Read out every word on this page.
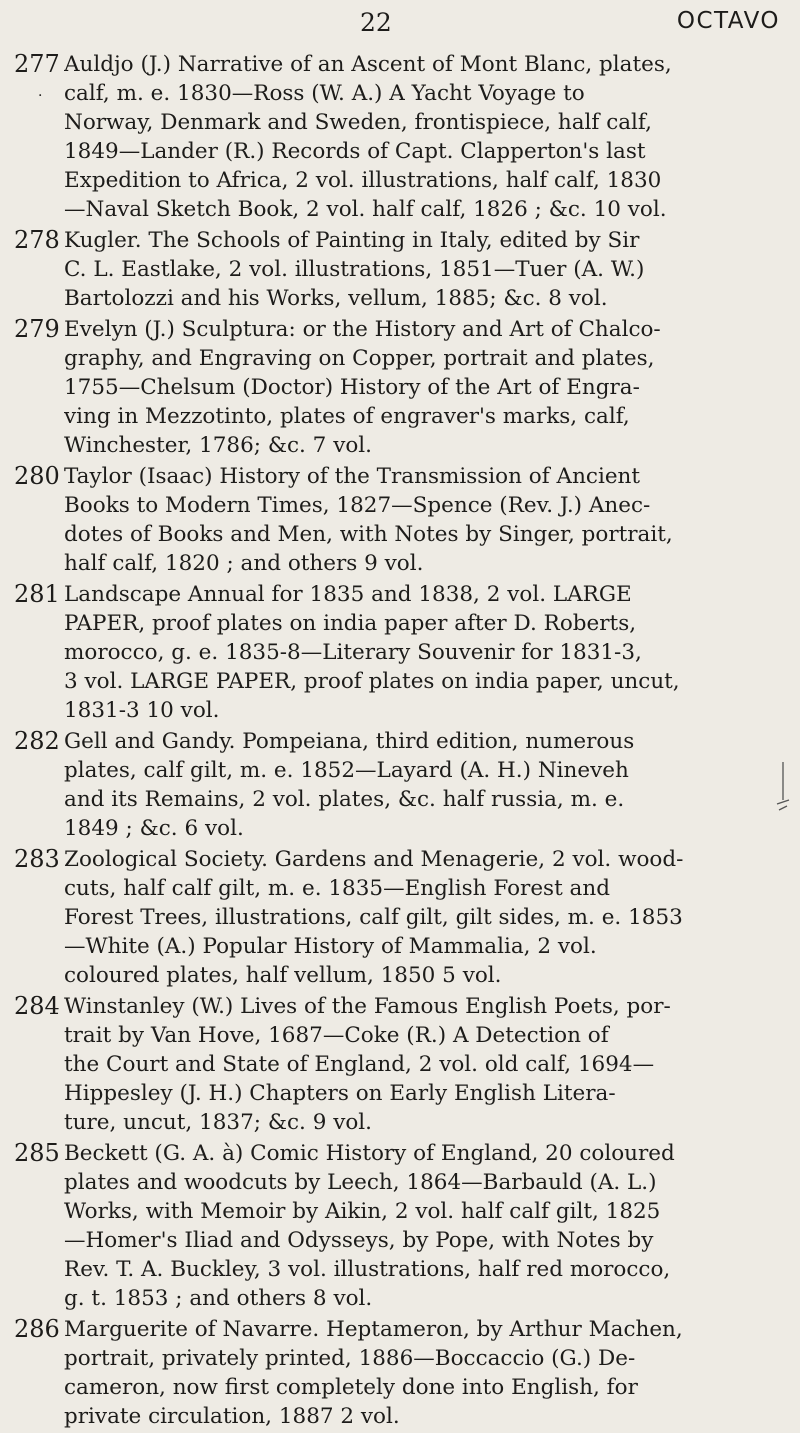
22	OCTAVO
277 Auldjo (J.) Narrative of an Ascent of Mont Blanc, plates,
calf, m. e. 1830—Ross (W. A.) A Yacht Voyage to
Norway, Denmark and Sweden, frontispiece, half calf,
1849—Lander (R.) Records of Capt. Clapperton's last
Expedition to Africa, 2 vol. illustrations, half calf, 1830
—Naval Sketch Book, 2 vol. half calf, 1826 ; &c. 10 vol.
278 Kugler. The Schools of Painting in Italy, edited by Sir
C. L. Eastlake, 2 vol. illustrations, 1851—Tuer (A. W.)
Bartolozzi and his Works, vellum, 1885; &c. 8 vol.
279 Evelyn (J.) Sculptura: or the History and Art of Chalco-
graphy, and Engraving on Copper, portrait and plates,
1755—Chelsum (Doctor) History of the Art of Engra-
ving in Mezzotinto, plates of engraver's marks, calf,
Winchester, 1786; &c. 7 vol.
280 Taylor (Isaac) History of the Transmission of Ancient
Books to Modern Times, 1827—Spence (Rev. J.) Anec-
dotes of Books and Men, with Notes by Singer, portrait,
half calf, 1820 ; and others 9 vol.
281 Landscape Annual for 1835 and 1838, 2 vol. LARGE
PAPER, proof plates on india paper after D. Roberts,
morocco, g. e. 1835-8—Literary Souvenir for 1831-3,
3 vol. LARGE PAPER, proof plates on india paper, uncut,
1831-3 10 vol.
282 Gell and Gandy. Pompeiana, third edition, numerous
plates, calf gilt, m. e. 1852—Layard (A. H.) Nineveh
and its Remains, 2 vol. plates, &c. half russia, m. e.
1849 ; &c. 6 vol.
283 Zoological Society. Gardens and Menagerie, 2 vol. wood-
cuts, half calf gilt, m. e. 1835—English Forest and
Forest Trees, illustrations, calf gilt, gilt sides, m. e. 1853
—White (A.) Popular History of Mammalia, 2 vol.
coloured plates, half vellum, 1850 5 vol.
284 Winstanley (W.) Lives of the Famous English Poets, por-
trait by Van Hove, 1687—Coke (R.) A Detection of
the Court and State of England, 2 vol. old calf, 1694—
Hippesley (J. H.) Chapters on Early English Litera-
ture, uncut, 1837; &c. 9 vol.
285 Beckett (G. A. à) Comic History of England, 20 coloured
plates and woodcuts by Leech, 1864—Barbauld (A. L.)
Works, with Memoir by Aikin, 2 vol. half calf gilt, 1825
—Homer's Iliad and Odysseys, by Pope, with Notes by
Rev. T. A. Buckley, 3 vol. illustrations, half red morocco,
g. t. 1853 ; and others 8 vol.
286 Marguerite of Navarre. Heptameron, by Arthur Machen,
portrait, privately printed, 1886—Boccaccio (G.) De-
cameron, now first completely done into English, for
private circulation, 1887 2 vol.
·
